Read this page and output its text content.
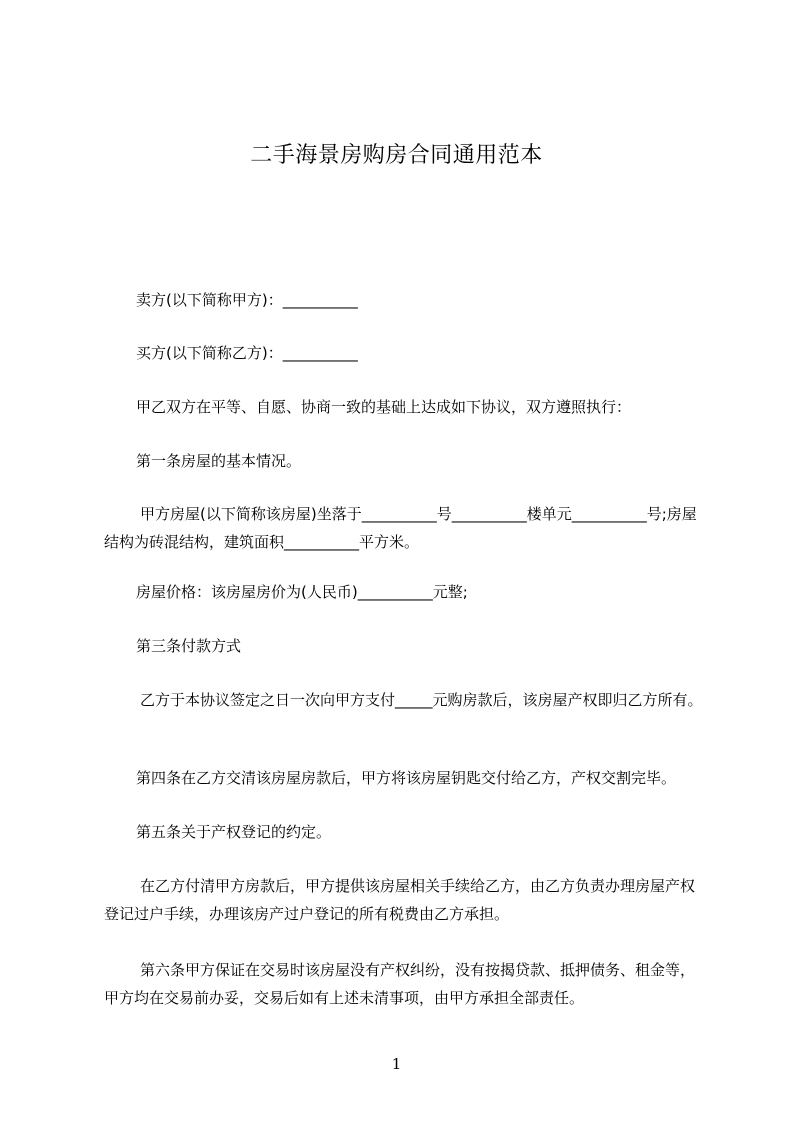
二手海景房购房合同通用范本
卖方(以下简称甲方)：__________
买方(以下简称乙方)：__________
甲乙双方在平等、自愿、协商一致的基础上达成如下协议，双方遵照执行：
第一条房屋的基本情况。
甲方房屋(以下简称该房屋)坐落于__________号__________楼单元__________号;房屋结构为砖混结构，建筑面积__________平方米。
房屋价格：该房屋房价为(人民币)__________元整;
第三条付款方式
乙方于本协议签定之日一次向甲方支付_____元购房款后，该房屋产权即归乙方所有。
第四条在乙方交清该房屋房款后，甲方将该房屋钥匙交付给乙方，产权交割完毕。
第五条关于产权登记的约定。
在乙方付清甲方房款后，甲方提供该房屋相关手续给乙方，由乙方负责办理房屋产权登记过户手续，办理该房产过户登记的所有税费由乙方承担。
第六条甲方保证在交易时该房屋没有产权纠纷，没有按揭贷款、抵押债务、租金等，甲方均在交易前办妥，交易后如有上述未清事项，由甲方承担全部责任。
1
